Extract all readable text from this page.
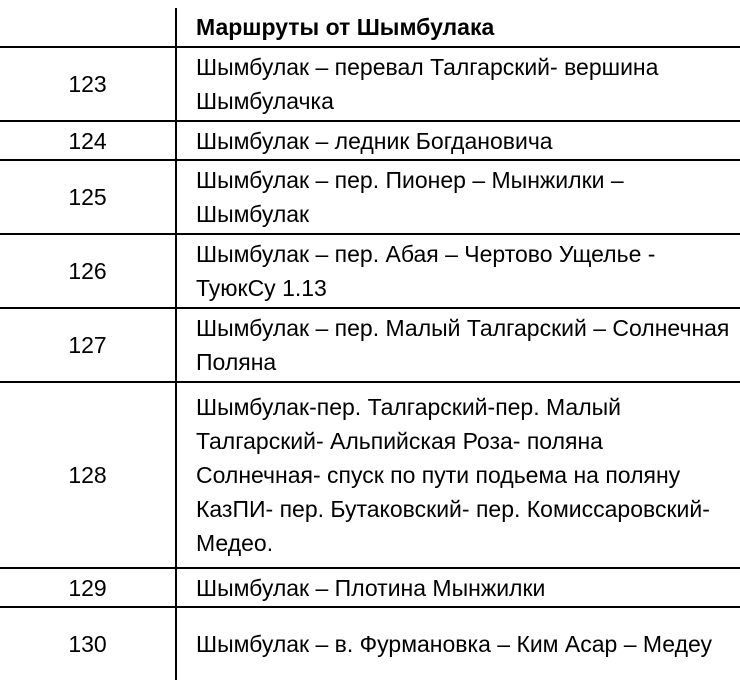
	Маршруты от Шымбулака
123	Шымбулак – перевал Талгарский- вершина Шымбулачка
124	Шымбулак – ледник Богдановича
125	Шымбулак – пер. Пионер – Мынжилки – Шымбулак
126	Шымбулак – пер. Абая – Чертово Ущелье - ТуюкСу 1.13
127	Шымбулак – пер. Малый Талгарский – Солнечная Поляна
128	Шымбулак-пер. Талгарский-пер. Малый Талгарский- Альпийская Роза- поляна Солнечная- спуск по пути подьема на поляну КазПИ- пер. Бутаковский- пер. Комиссаровский- Медео.
129	Шымбулак – Плотина Мынжилки
130	Шымбулак – в. Фурмановка – Ким Асар – Медеу
